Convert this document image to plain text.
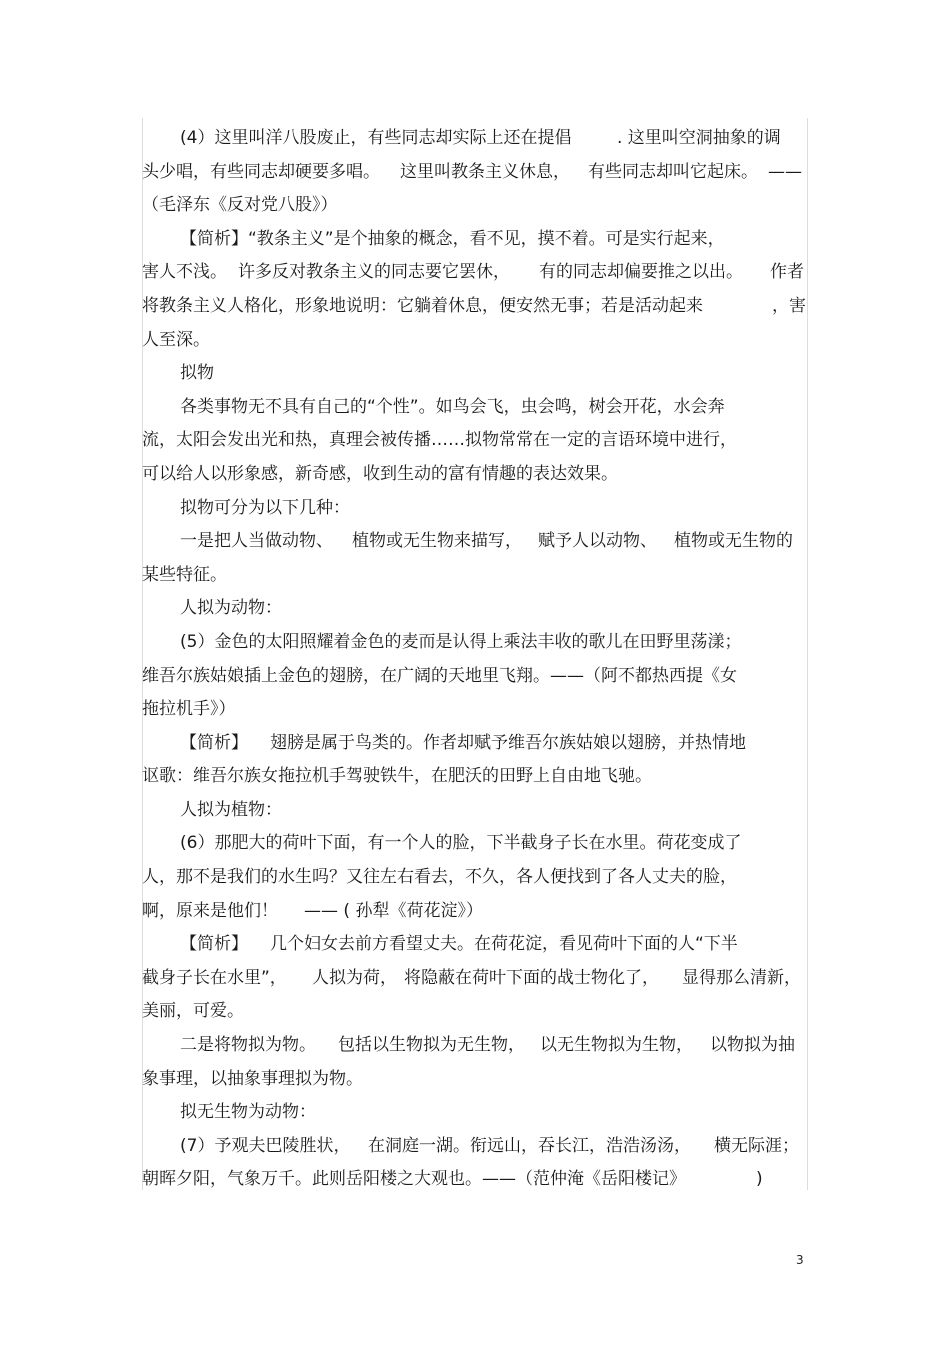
(4）这里叫洋八股废止，有些同志却实际上还在提倡	. 这里叫空洞抽象的调
头少唱，有些同志却硬要多唱。 这里叫教条主义休息， 有些同志却叫它起床。 ——
（毛泽东《反对党八股》）
【简析】“教条主义”是个抽象的概念，看不见，摸不着。可是实行起来，
害人不浅。 许多反对教条主义的同志要它罢休， 有的同志却偏要推之以出。 作者
将教条主义人格化，形象地说明：它躺着休息，便安然无事；若是活动起来	，害
人至深。
拟物
各类事物无不具有自己的“个性”。如鸟会飞，虫会鸣，树会开花，水会奔
流，太阳会发出光和热，真理会被传播……拟物常常在一定的言语环境中进行，
可以给人以形象感，新奇感，收到生动的富有情趣的表达效果。
拟物可分为以下几种：
一是把人当做动物、 植物或无生物来描写， 赋予人以动物、 植物或无生物的
某些特征。
人拟为动物：
(5）金色的太阳照耀着金色的麦而是认得上乘法丰收的歌儿在田野里荡漾；
维吾尔族姑娘插上金色的翅膀，在广阔的天地里飞翔。——（阿不都热西提《女
拖拉机手》）
【简析】 翅膀是属于鸟类的。作者却赋予维吾尔族姑娘以翅膀，并热情地
讴歌：维吾尔族女拖拉机手驾驶铁牛，在肥沃的田野上自由地飞驰。
人拟为植物：
(6）那肥大的荷叶下面，有一个人的脸，下半截身子长在水里。荷花变成了
人，那不是我们的水生吗？又往左右看去，不久，各人便找到了各人丈夫的脸，
啊，原来是他们！ —— ( 孙犁《荷花淀》）
【简析】 几个妇女去前方看望丈夫。在荷花淀，看见荷叶下面的人“下半
截身子长在水里”， 人拟为荷， 将隐蔽在荷叶下面的战士物化了， 显得那么清新，
美丽，可爱。
二是将物拟为物。 包括以生物拟为无生物， 以无生物拟为生物， 以物拟为抽
象事理，以抽象事理拟为物。
拟无生物为动物：
(7）予观夫巴陵胜状， 在洞庭一湖。衔远山，吞长江，浩浩汤汤， 横无际涯；
朝晖夕阳，气象万千。此则岳阳楼之大观也。——（范仲淹《岳阳楼记》	)
3
